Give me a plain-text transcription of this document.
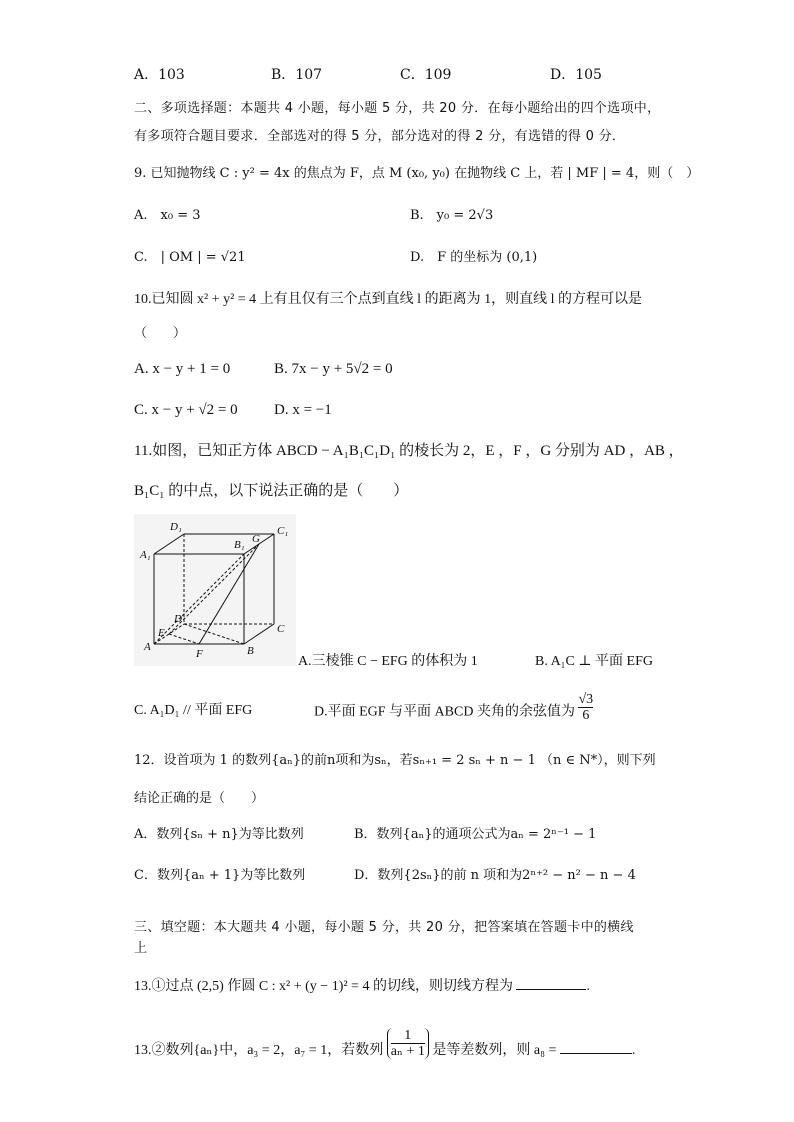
A．103	B．107	C．109	D．105
二、多项选择题：本题共 4 小题，每小题 5 分，共 20 分．在每小题给出的四个选项中，
有多项符合题目要求．全部选对的得 5 分，部分选对的得 2 分，有选错的得 0 分．
9. 已知抛物线 C : y² = 4x 的焦点为 F，点 M (x₀, y₀) 在抛物线 C 上，若 | MF | = 4，则（　）
A.　x₀ = 3	B.　y₀ = 2√3
C.　| OM | = √21	D.　F 的坐标为 (0,1)
10.已知圆 x² + y² = 4 上有且仅有三个点到直线 l 的距离为 1，则直线 l 的方程可以是
（　　）
A. x − y + 1 = 0	B. 7x − y + 5√2 = 0
C. x − y + √2 = 0 D. x = −1
11.如图，已知正方体 ABCD − A₁B₁C₁D₁ 的棱长为 2，E ，F ，G 分别为 AD ，AB ，
B₁C₁ 的中点，以下说法正确的是（　　）
D₁	C₁
A₁
B₁ G
D
C
E
A
F	B
A.三棱锥 C − EFG 的体积为 1	B. A₁C ⊥ 平面 EFG
C. A₁D₁ // 平面 EFG	D.平面 EGF 与平面 ABCD 夹角的余弦值为 $\frac{√3}{6}$
12．设首项为 1 的数列{aₙ}的前n项和为sₙ，若sₙ₊₁ = 2 sₙ + n − 1 （n ∈ N*），则下列
结论正确的是（　　）
A．数列{sₙ + n}为等比数列	B．数列{aₙ}的通项公式为aₙ = 2ⁿ⁻¹ − 1
C．数列{aₙ + 1}为等比数列	D．数列{2sₙ}的前 n 项和为2ⁿ⁺² − n² − n − 4
三、填空题：本大题共 4 小题，每小题 5 分，共 20 分，把答案填在答题卡中的横线
上
13.①过点 (2,5) 作圆 C : x² + (y − 1)² = 4 的切线，则切线方程为	.
13.②数列{aₙ}中，a₃ = 2，a₇ = 1，若数列 $\frac{1}{\text{aₙ + 1}}$ 是等差数列，则 a₈ =	.
